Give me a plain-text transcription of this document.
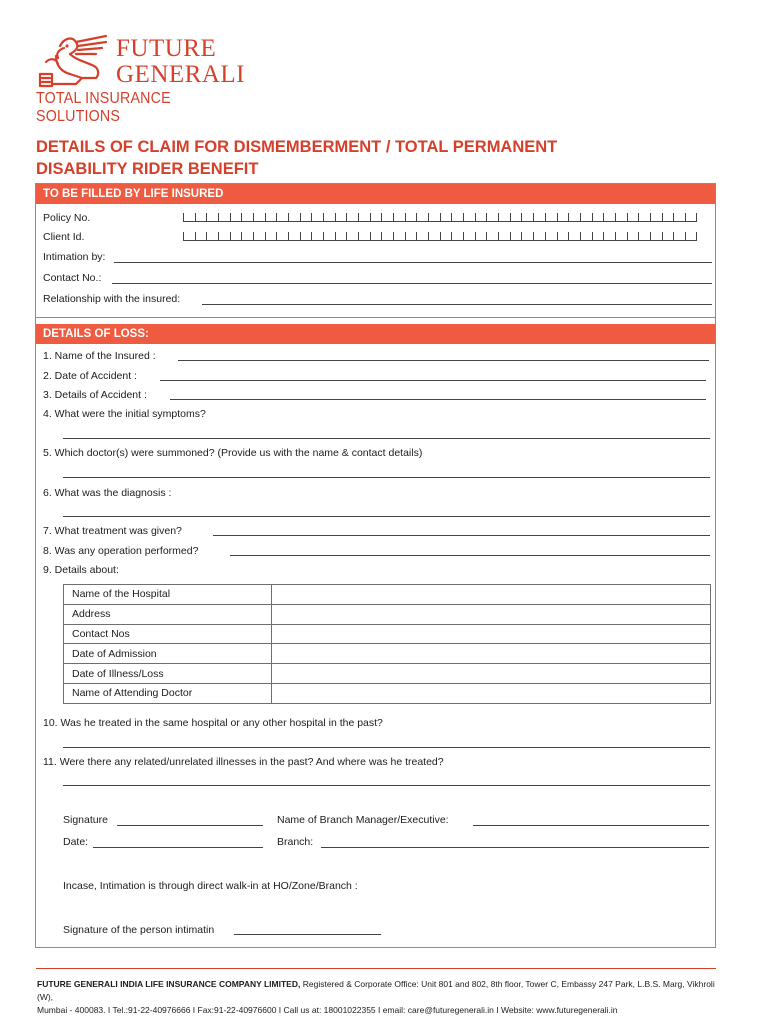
FUTURE
GENERALI
TOTAL INSURANCE SOLUTIONS
DETAILS OF CLAIM FOR DISMEMBERMENT / TOTAL PERMANENT
DISABILITY RIDER BENEFIT
TO BE FILLED BY LIFE INSURED
Policy No.
Client Id.
Intimation by:
Contact No.:
Relationship with the insured:
DETAILS OF LOSS:
1. Name of the Insured :
2. Date of Accident :
3. Details of Accident :
4. What were the initial symptoms?
5. Which doctor(s) were summoned? (Provide us with the name & contact details)
6. What was the diagnosis :
7. What treatment was given?
8. Was any operation performed?
9. Details about:
Name of the Hospital	
Address	
Contact Nos	
Date of Admission	
Date of Illness/Loss	
Name of Attending Doctor	
10. Was he treated in the same hospital or any other hospital in the past?
11. Were there any related/unrelated illnesses in the past? And where was he treated?
Signature	Name of Branch Manager/Executive:
Date:	Branch:
Incase, Intimation is through direct walk-in at HO/Zone/Branch :
Signature of the person intimatin
FUTURE GENERALI INDIA LIFE INSURANCE COMPANY LIMITED, Registered & Corporate Office: Unit 801 and 802, 8th floor, Tower C, Embassy 247 Park, L.B.S. Marg, Vikhroli (W),
Mumbai - 400083. I Tel.:91-22-40976666 I Fax:91-22-40976600 I Call us at: 18001022355 I email: care@futuregenerali.in I Website: www.futuregenerali.in
